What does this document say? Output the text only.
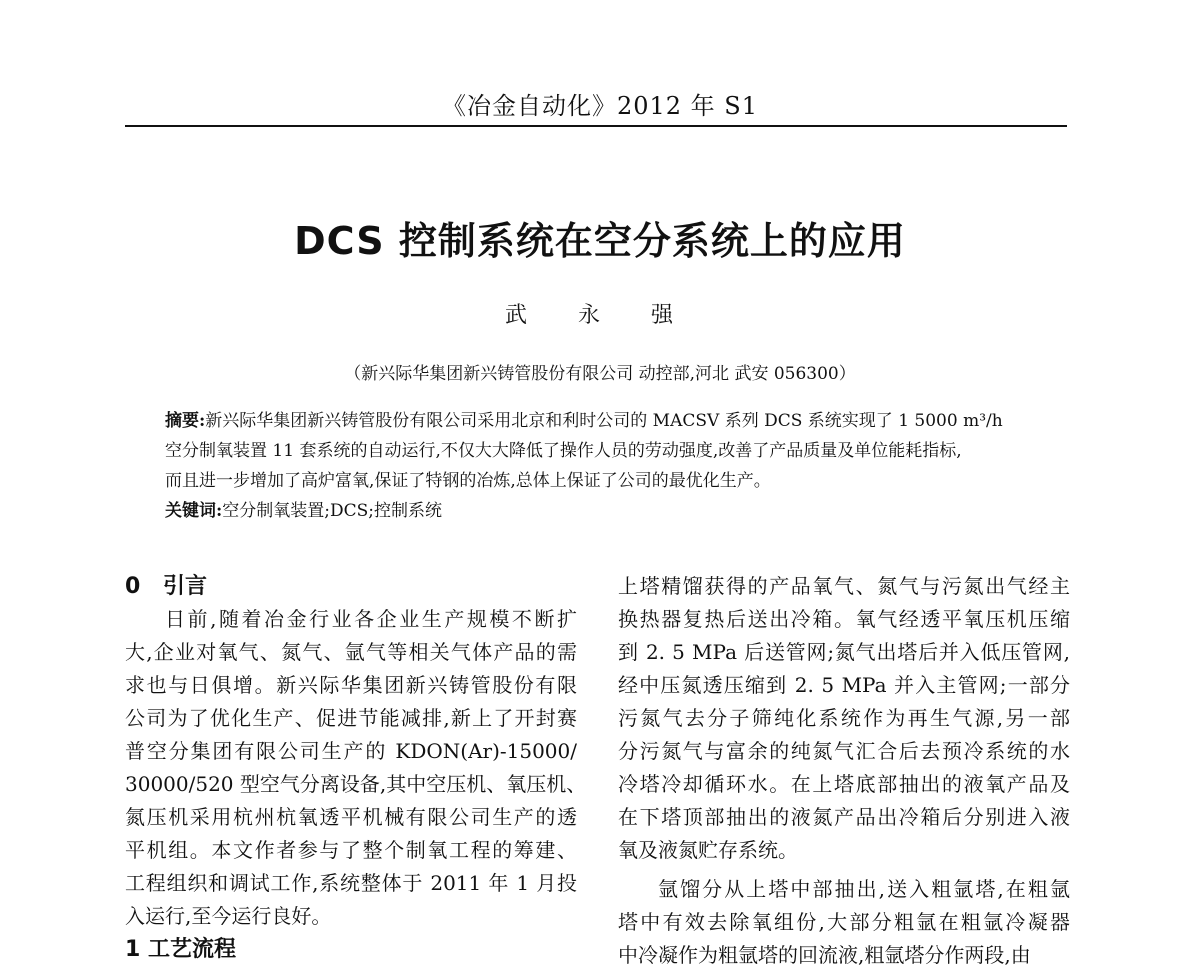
《冶金自动化》2012 年 S1
DCS 控制系统在空分系统上的应用
武 永 强
（新兴际华集团新兴铸管股份有限公司 动控部,河北 武安 056300）
摘要:新兴际华集团新兴铸管股份有限公司采用北京和利时公司的 MACSV 系列 DCS 系统实现了 1 5000 m³/h
空分制氧装置 11 套系统的自动运行,不仅大大降低了操作人员的劳动强度,改善了产品质量及单位能耗指标,
而且进一步增加了高炉富氧,保证了特钢的冶炼,总体上保证了公司的最优化生产。
关键词:空分制氧装置;DCS;控制系统
0 引言
日前,随着冶金行业各企业生产规模不断扩
大,企业对氧气、氮气、氩气等相关气体产品的需
求也与日俱增。新兴际华集团新兴铸管股份有限
公司为了优化生产、促进节能减排,新上了开封赛
普空分集团有限公司生产的 KDON(Ar)-15000/
30000/520 型空气分离设备,其中空压机、氧压机、
氮压机采用杭州杭氧透平机械有限公司生产的透
平机组。本文作者参与了整个制氧工程的筹建、
工程组织和调试工作,系统整体于 2011 年 1 月投
入运行,至今运行良好。
1 工艺流程
上塔精馏获得的产品氧气、氮气与污氮出气经主
换热器复热后送出冷箱。氧气经透平氧压机压缩
到 2. 5 MPa 后送管网;氮气出塔后并入低压管网,
经中压氮透压缩到 2. 5 MPa 并入主管网;一部分
污氮气去分子筛纯化系统作为再生气源,另一部
分污氮气与富余的纯氮气汇合后去预冷系统的水
冷塔冷却循环水。在上塔底部抽出的液氧产品及
在下塔顶部抽出的液氮产品出冷箱后分别进入液
氧及液氮贮存系统。
氩馏分从上塔中部抽出,送入粗氩塔,在粗氩
塔中有效去除氧组份,大部分粗氩在粗氩冷凝器
中冷凝作为粗氩塔的回流液,粗氩塔分作两段,由
